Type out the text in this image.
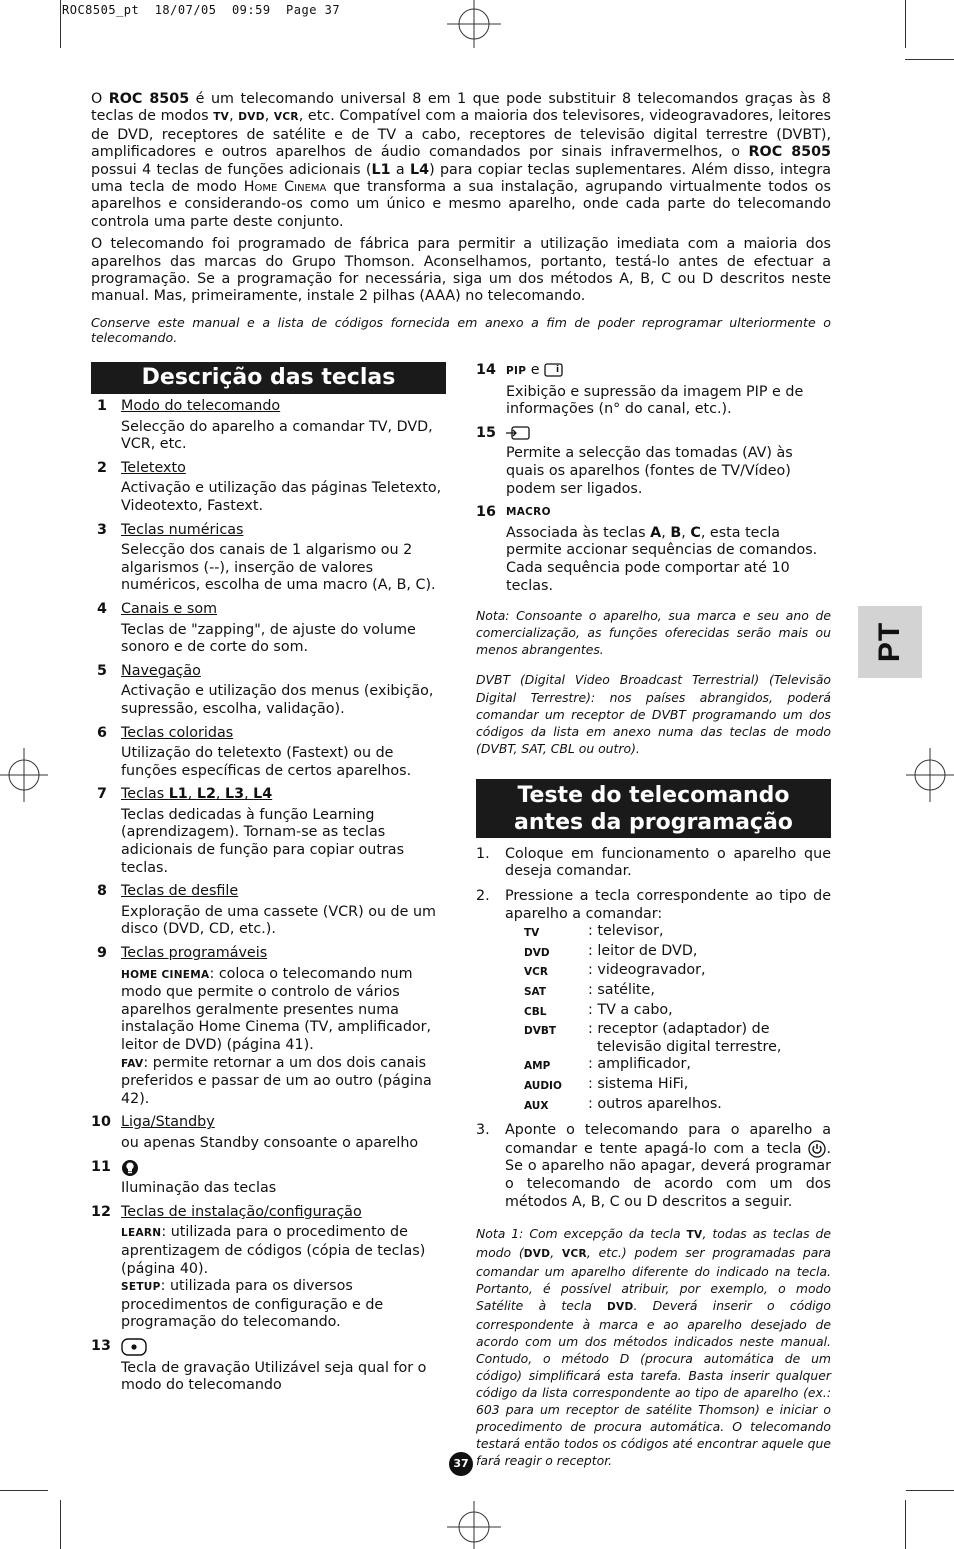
ROC8505_pt  18/07/05  09:59  Page 37

O ROC 8505 é um telecomando universal 8 em 1 que pode substituir 8 telecomandos graças às 8 teclas de modos TV, DVD, VCR, etc. Compatível com a maioria dos televisores, videogravadores, leitores de DVD, receptores de satélite e de TV a cabo, receptores de televisão digital terrestre (DVBT), amplificadores e outros aparelhos de áudio comandados por sinais infravermelhos, o ROC 8505 possui 4 teclas de funções adicionais (L1 a L4) para copiar teclas suplementares. Além disso, integra uma tecla de modo Home Cinema que transforma a sua instalação, agrupando virtualmente todos os aparelhos e considerando-os como um único e mesmo aparelho, onde cada parte do telecomando controla uma parte deste conjunto.

O telecomando foi programado de fábrica para permitir a utilização imediata com a maioria dos aparelhos das marcas do Grupo Thomson. Aconselhamos, portanto, testá-lo antes de efectuar a programação. Se a programação for necessária, siga um dos métodos A, B, C ou D descritos neste manual. Mas, primeiramente, instale 2 pilhas (AAA) no telecomando.

Conserve este manual e a lista de códigos fornecida em anexo a fim de poder reprogramar ulteriormente o telecomando.

Descrição das teclas
1 Modo do telecomando
Selecção do aparelho a comandar TV, DVD, VCR, etc.
2 Teletexto
Activação e utilização das páginas Teletexto, Videotexto, Fastext.
3 Teclas numéricas
Selecção dos canais de 1 algarismo ou 2 algarismos (--), inserção de valores numéricos, escolha de uma macro (A, B, C).
4 Canais e som
Teclas de "zapping", de ajuste do volume sonoro e de corte do som.
5 Navegação
Activação e utilização dos menus (exibição, supressão, escolha, validação).
6 Teclas coloridas
Utilização do teletexto (Fastext) ou de funções específicas de certos aparelhos.
7 Teclas L1, L2, L3, L4
Teclas dedicadas à função Learning (aprendizagem). Tornam-se as teclas adicionais de função para copiar outras teclas.
8 Teclas de desfile
Exploração de uma cassete (VCR) ou de um disco (DVD, CD, etc.).
9 Teclas programáveis
HOME CINEMA: coloca o telecomando num modo que permite o controlo de vários aparelhos geralmente presentes numa instalação Home Cinema (TV, amplificador, leitor de DVD) (página 41).
FAV: permite retornar a um dos dois canais preferidos e passar de um ao outro (página 42).
10 Liga/Standby
ou apenas Standby consoante o aparelho
11
Iluminação das teclas
12 Teclas de instalação/configuração
LEARN: utilizada para o procedimento de aprentizagem de códigos (cópia de teclas) (página 40).
SETUP: utilizada para os diversos procedimentos de configuração e de programação do telecomando.
13
Tecla de gravação Utilizável seja qual for o modo do telecomando
14 PIP e i
Exibição e supressão da imagem PIP e de informações (n° do canal, etc.).
15
Permite a selecção das tomadas (AV) às quais os aparelhos (fontes de TV/Vídeo) podem ser ligados.
16 MACRO
Associada às teclas A, B, C, esta tecla permite accionar sequências de comandos. Cada sequência pode comportar até 10 teclas.
Nota: Consoante o aparelho, sua marca e seu ano de comercialização, as funções oferecidas serão mais ou menos abrangentes.
DVBT (Digital Video Broadcast Terrestrial) (Televisão Digital Terrestre): nos países abrangidos, poderá comandar um receptor de DVBT programando um dos códigos da lista em anexo numa das teclas de modo (DVBT, SAT, CBL ou outro).
Teste do telecomando
antes da programação
1.	Coloque em funcionamento o aparelho que deseja comandar.
2.	Pressione a tecla correspondente ao tipo de aparelho a comandar:
TV	: televisor,
DVD	: leitor de DVD,
VCR	: videogravador,
SAT	: satélite,
CBL	: TV a cabo,
DVBT	: receptor (adaptador) de
televisão digital terrestre,
AMP	: amplificador,
AUDIO	: sistema HiFi,
AUX	: outros aparelhos.
3.	Aponte o telecomando para o aparelho a comandar e tente apagá-lo com a tecla . Se o aparelho não apagar, deverá programar o telecomando de acordo com um dos métodos A, B, C ou D descritos a seguir.
Nota 1: Com excepção da tecla TV, todas as teclas de modo (DVD, VCR, etc.) podem ser programadas para comandar um aparelho diferente do indicado na tecla. Portanto, é possível atribuir, por exemplo, o modo Satélite à tecla DVD. Deverá inserir o código correspondente à marca e ao aparelho desejado de acordo com um dos métodos indicados neste manual. Contudo, o método D (procura automática de um código) simplificará esta tarefa. Basta inserir qualquer código da lista correspondente ao tipo de aparelho (ex.: 603 para um receptor de satélite Thomson) e iniciar o procedimento de procura automática. O telecomando testará então todos os códigos até encontrar aquele que fará reagir o receptor.
PT
37
